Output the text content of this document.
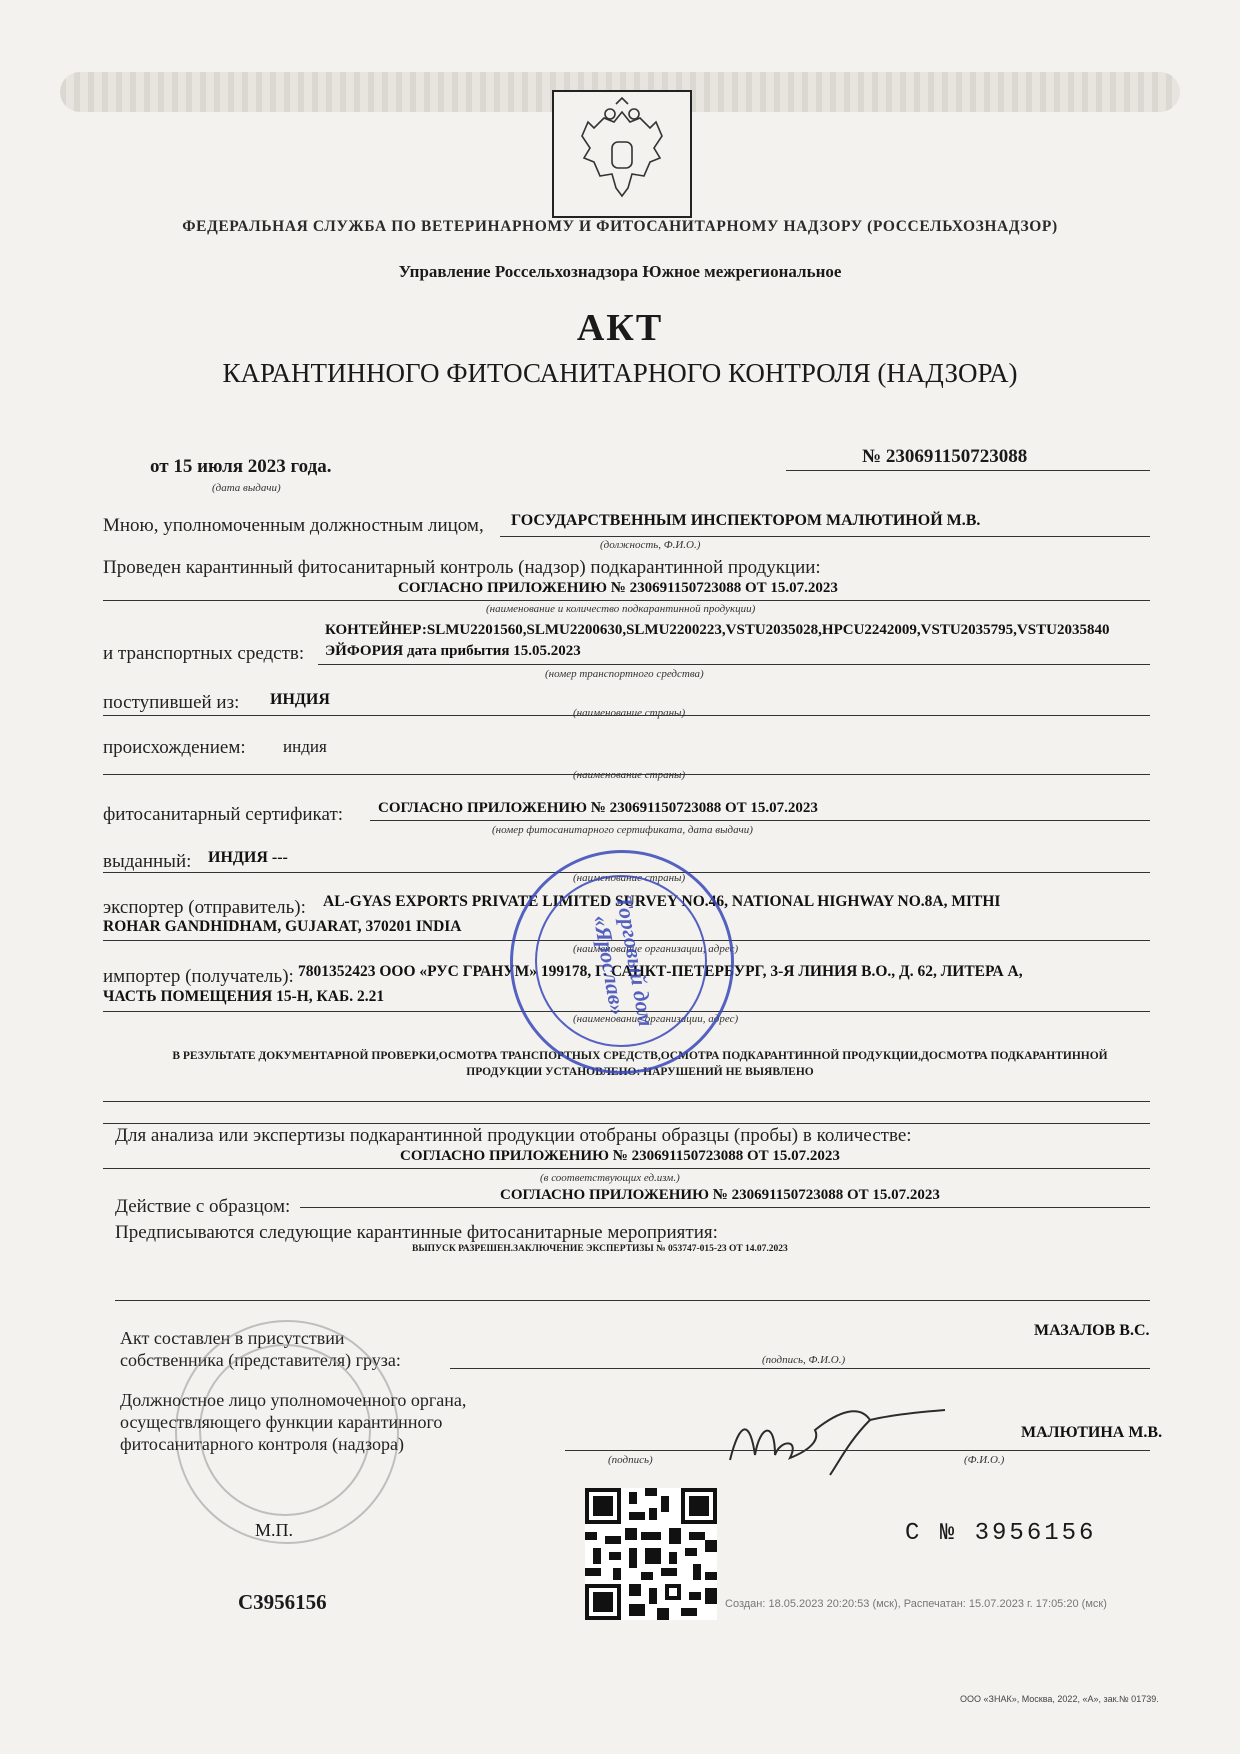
ФЕДЕРАЛЬНАЯ СЛУЖБА ПО ВЕТЕРИНАРНОМУ И ФИТОСАНИТАРНОМУ НАДЗОРУ (РОССЕЛЬХОЗНАДЗОР)
Управление Россельхознадзора Южное межрегиональное
АКТ
КАРАНТИННОГО ФИТОСАНИТАРНОГО КОНТРОЛЯ (НАДЗОРА)
от 15 июля 2023 года.
(дата выдачи)
№ 230691150723088
Мною, уполномоченным должностным лицом, ГОСУДАРСТВЕННЫМ ИНСПЕКТОРОМ МАЛЮТИНОЙ М.В.
(должность, Ф.И.О.)
Проведен карантинный фитосанитарный контроль (надзор) подкарантинной продукции:
СОГЛАСНО ПРИЛОЖЕНИЮ № 230691150723088 ОТ 15.07.2023
(наименование и количество подкарантинной продукции)
КОНТЕЙНЕР:SLMU2201560,SLMU2200630,SLMU2200223,VSTU2035028,HPCU2242009,VSTU2035795,VSTU2035840
и транспортных средств: ЭЙФОРИЯ дата прибытия 15.05.2023
(номер транспортного средства)
поступившей из: ИНДИЯ
(наименование страны)
происхождением: индия
(наименование страны)
фитосанитарный сертификат: СОГЛАСНО ПРИЛОЖЕНИЮ № 230691150723088 ОТ 15.07.2023
(номер фитосанитарного сертификата, дата выдачи)
выданный: ИНДИЯ ---
(наименование страны)
экспортер (отправитель): AL-GYAS EXPORTS PRIVATE LIMITED SURVEY NO.46, NATIONAL HIGHWAY NO.8A, MITHI
ROHAR GANDHIDHAM, GUJARAT, 370201 INDIA
(наименование организации, адрес)
импортер (получатель): 7801352423 ООО «РУС ГРАНУМ» 199178, Г. САНКТ-ПЕТЕРБУРГ, 3-Я ЛИНИЯ В.О., Д. 62, ЛИТЕРА А,
ЧАСТЬ ПОМЕЩЕНИЯ 15-Н, КАБ. 2.21
(наименование организации, адрес)
В РЕЗУЛЬТАТЕ ДОКУМЕНТАРНОЙ ПРОВЕРКИ,ОСМОТРА ТРАНСПОРТНЫХ СРЕДСТВ,ОСМОТРА ПОДКАРАНТИННОЙ ПРОДУКЦИИ,ДОСМОТРА ПОДКАРАНТИННОЙ
ПРОДУКЦИИ УСТАНОВЛЕНО: НАРУШЕНИЙ НЕ ВЫЯВЛЕНО
Для анализа или экспертизы подкарантинной продукции отобраны образцы (пробы) в количестве:
СОГЛАСНО ПРИЛОЖЕНИЮ № 230691150723088 ОТ 15.07.2023
(в соответствующих ед.изм.)
Действие с образцом:
СОГЛАСНО ПРИЛОЖЕНИЮ № 230691150723088 ОТ 15.07.2023
Предписываются следующие карантинные фитосанитарные мероприятия:
ВЫПУСК РАЗРЕШЕН.ЗАКЛЮЧЕНИЕ ЭКСПЕРТИЗЫ № 053747-015-23 ОТ 14.07.2023
Акт составлен в присутствии
собственника (представителя) груза:	(подпись, Ф.И.О.)
МАЗАЛОВ В.С.
Должностное лицо уполномоченного органа,
осуществляющего функции карантинного
фитосанитарного контроля (надзора)
(подпись)	(Ф.И.О.)
МАЛЮТИНА М.В.
М.П.
С3956156
С № 3956156
Создан: 18.05.2023 20:20:53 (мск), Распечатан: 15.07.2023 г. 17:05:20 (мск)
ООО «ЗНАК», Москва, 2022, «А», зак.№ 01739.
Торговый дом «Ярослав»
